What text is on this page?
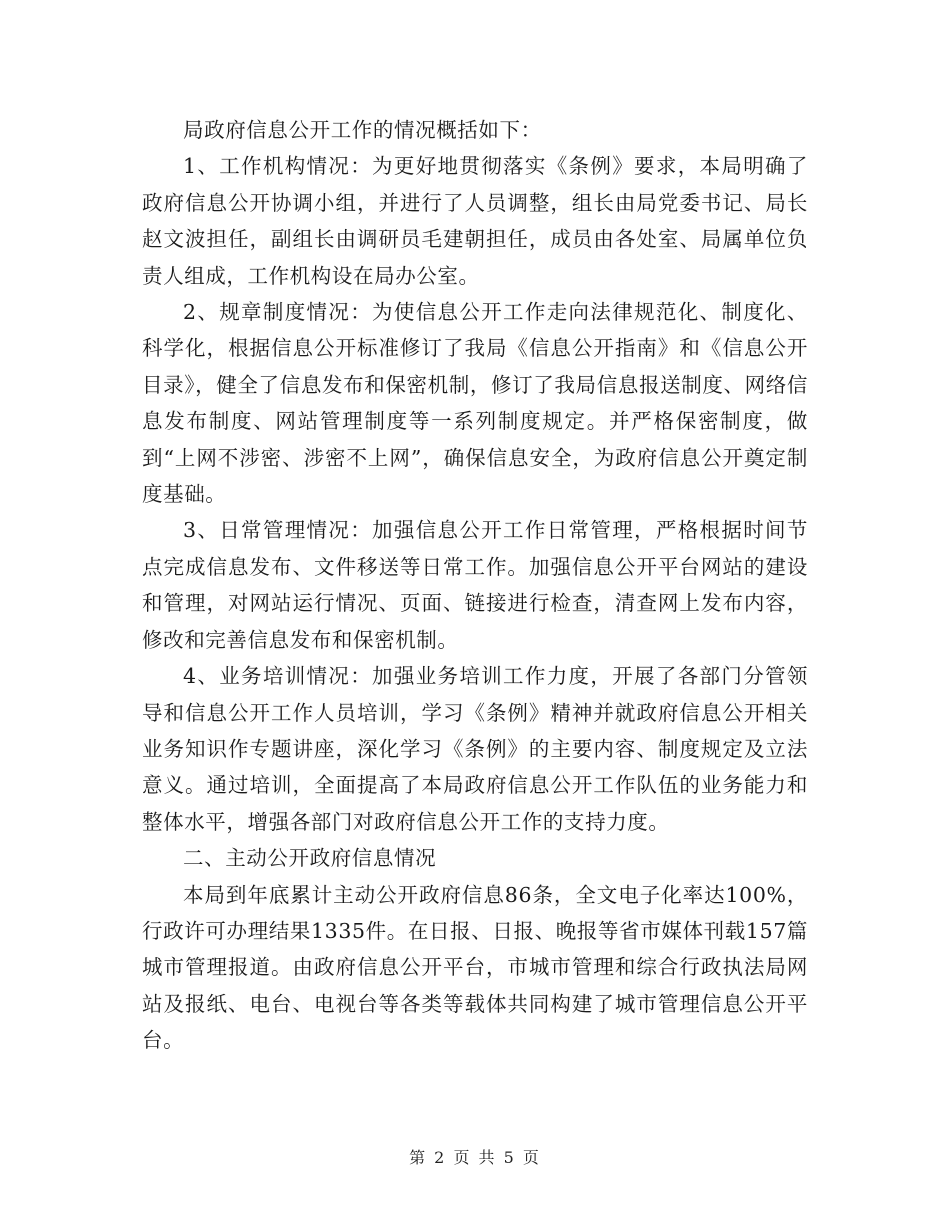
局政府信息公开工作的情况概括如下：

1、工作机构情况：为更好地贯彻落实《条例》要求，本局明确了政府信息公开协调小组，并进行了人员调整，组长由局党委书记、局长赵文波担任，副组长由调研员毛建朝担任，成员由各处室、局属单位负责人组成，工作机构设在局办公室。

2、规章制度情况：为使信息公开工作走向法律规范化、制度化、科学化，根据信息公开标准修订了我局《信息公开指南》和《信息公开目录》，健全了信息发布和保密机制，修订了我局信息报送制度、网络信息发布制度、网站管理制度等一系列制度规定。并严格保密制度，做到“上网不涉密、涉密不上网”，确保信息安全，为政府信息公开奠定制度基础。

3、日常管理情况：加强信息公开工作日常管理，严格根据时间节点完成信息发布、文件移送等日常工作。加强信息公开平台网站的建设和管理，对网站运行情况、页面、链接进行检查，清查网上发布内容，修改和完善信息发布和保密机制。

4、业务培训情况：加强业务培训工作力度，开展了各部门分管领导和信息公开工作人员培训，学习《条例》精神并就政府信息公开相关业务知识作专题讲座，深化学习《条例》的主要内容、制度规定及立法意义。通过培训，全面提高了本局政府信息公开工作队伍的业务能力和整体水平，增强各部门对政府信息公开工作的支持力度。

二、主动公开政府信息情况

本局到年底累计主动公开政府信息86条，全文电子化率达100%，行政许可办理结果1335件。在日报、日报、晚报等省市媒体刊载157篇城市管理报道。由政府信息公开平台，市城市管理和综合行政执法局网站及报纸、电台、电视台等各类等载体共同构建了城市管理信息公开平台。

第 2 页 共 5 页
